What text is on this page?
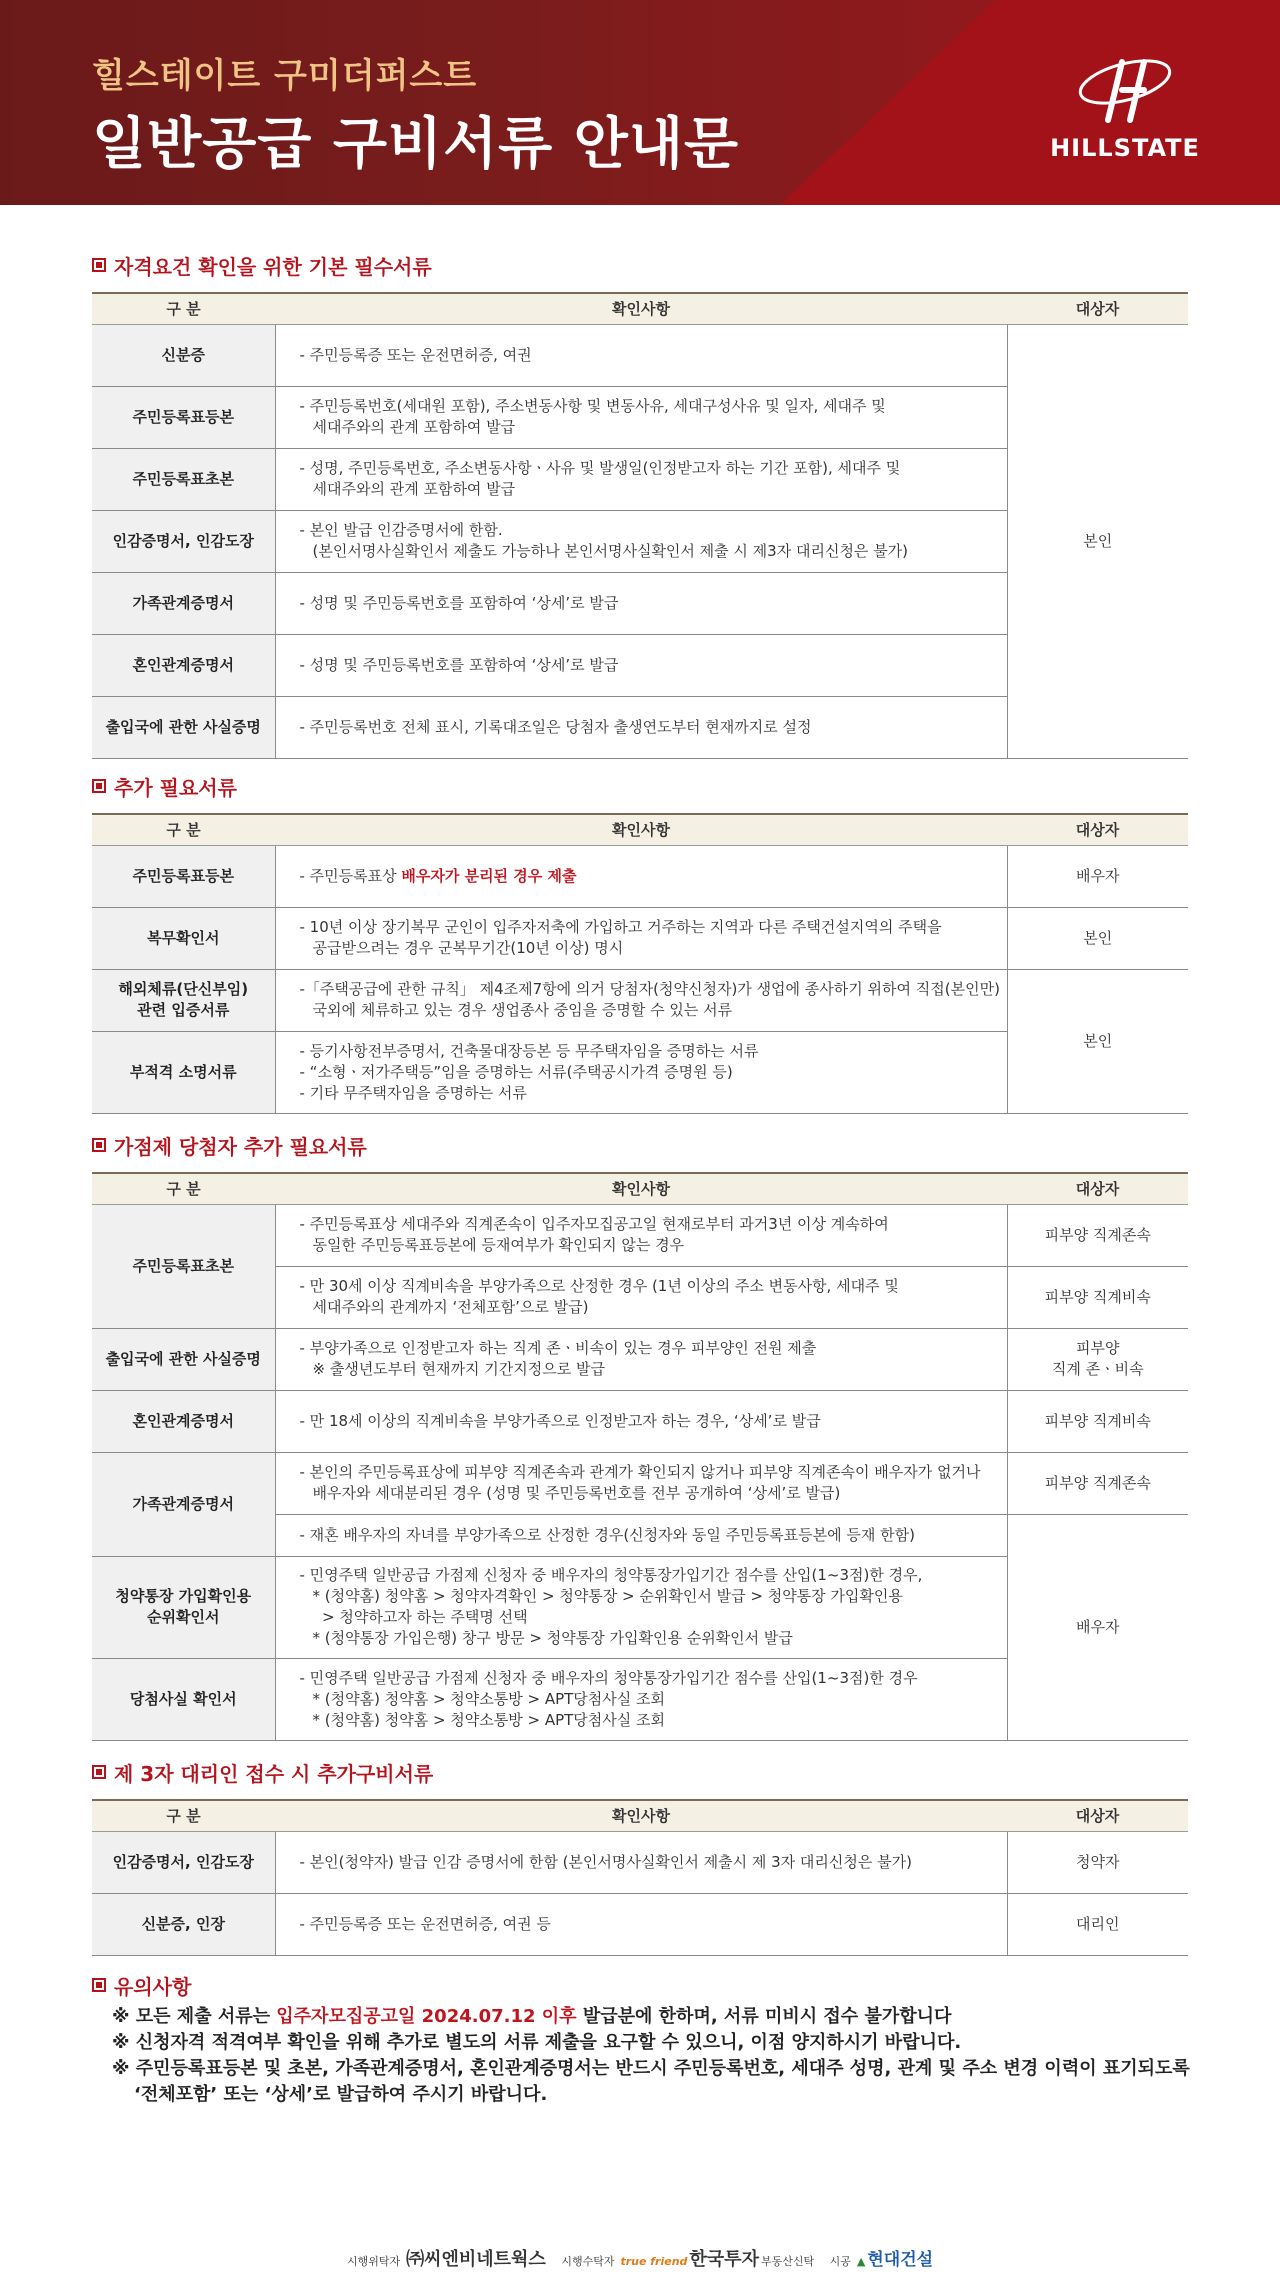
힐스테이트 구미더퍼스트
일반공급 구비서류 안내문	HILLSTATE
자격요건 확인을 위한 기본 필수서류
구 분	확인사항	대상자
신분증	- 주민등록증 또는 운전면허증, 여권	본인
주민등록표등본	- 주민등록번호(세대원 포함), 주소변동사항 및 변동사유, 세대구성사유 및 일자, 세대주 및
세대주와의 관계 포함하여 발급	

주민등록표초본	- 성명, 주민등록번호, 주소변동사항ㆍ사유 및 발생일(인정받고자 하는 기간 포함), 세대주 및
세대주와의 관계 포함하여 발급	

인감증명서, 인감도장	- 본인 발급 인감증명서에 한함.
(본인서명사실확인서 제출도 가능하나 본인서명사실확인서 제출 시 제3자 대리신청은 불가)	

가족관계증명서	- 성명 및 주민등록번호를 포함하여 ‘상세’로 발급	
혼인관계증명서	- 성명 및 주민등록번호를 포함하여 ‘상세’로 발급	
출입국에 관한 사실증명	- 주민등록번호 전체 표시, 기록대조일은 당첨자 출생연도부터 현재까지로 설정	
추가 필요서류
구 분	확인사항	대상자
주민등록표등본	- 주민등록표상 배우자가 분리된 경우 제출	배우자
복무확인서	- 10년 이상 장기복무 군인이 입주자저축에 가입하고 거주하는 지역과 다른 주택건설지역의 주택을
공급받으려는 경우 군복무기간(10년 이상) 명시	본인

해외체류(단신부임)
관련 입증서류	-「주택공급에 관한 규칙」 제4조제7항에 의거 당첨자(청약신청자)가 생업에 종사하기 위하여 직접(본인만)
국외에 체류하고 있는 경우 생업종사 중임을 증명할 수 있는 서류	본인
부적격 소명서류	- 등기사항전부증명서, 건축물대장등본 등 무주택자임을 증명하는 서류
- “소형ㆍ저가주택등”임을 증명하는 서류(주택공시가격 증명원 등)
- 기타 무주택자임을 증명하는 서류	
가점제 당첨자 추가 필요서류
구 분	확인사항	대상자
주민등록표초본	- 주민등록표상 세대주와 직계존속이 입주자모집공고일 현재로부터 과거3년 이상 계속하여
동일한 주민등록표등본에 등재여부가 확인되지 않는 경우	피부양 직계존속
	- 만 30세 이상 직계비속을 부양가족으로 산정한 경우 (1년 이상의 주소 변동사항, 세대주 및
세대주와의 관계까지 ‘전체포함’으로 발급)	피부양 직계비속
출입국에 관한 사실증명	- 부양가족으로 인정받고자 하는 직계 존ㆍ비속이 있는 경우 피부양인 전원 제출
※ 출생년도부터 현재까지 기간지정으로 발급	피부양
직계 존ㆍ비속

혼인관계증명서	- 만 18세 이상의 직계비속을 부양가족으로 인정받고자 하는 경우, ‘상세’로 발급	피부양 직계비속
가족관계증명서	- 본인의 주민등록표상에 피부양 직계존속과 관계가 확인되지 않거나 피부양 직계존속이 배우자가 없거나
배우자와 세대분리된 경우 (성명 및 주민등록번호를 전부 공개하여 ‘상세’로 발급)	피부양 직계존속
	- 재혼 배우자의 자녀를 부양가족으로 산정한 경우(신청자와 동일 주민등록표등본에 등재 한함)	배우자

청약통장 가입확인용
순위확인서	- 민영주택 일반공급 가점제 신청자 중 배우자의 청약통장가입기간 점수를 산입(1~3점)한 경우,
* (청약홈) 청약홈 > 청약자격확인 > 청약통장 > 순위확인서 발급 > 청약통장 가입확인용
> 청약하고자 하는 주택명 선택
* (청약통장 가입은행) 창구 방문 > 청약통장 가입확인용 순위확인서 발급	

당첨사실 확인서	- 민영주택 일반공급 가점제 신청자 중 배우자의 청약통장가입기간 점수를 산입(1~3점)한 경우
* (청약홈) 청약홈 > 청약소통방 > APT당첨사실 조회
* (청약홈) 청약홈 > 청약소통방 > APT당첨사실 조회	
제 3자 대리인 접수 시 추가구비서류
구 분	확인사항	대상자
인감증명서, 인감도장	- 본인(청약자) 발급 인감 증명서에 한함 (본인서명사실확인서 제출시 제 3자 대리신청은 불가)	청약자
신분증, 인장	- 주민등록증 또는 운전면허증, 여권 등	대리인
유의사항

※ 모든 제출 서류는 입주자모집공고일 2024.07.12 이후 발급분에 한하며, 서류 미비시 접수 불가합니다

※ 신청자격 적격여부 확인을 위해 추가로 별도의 서류 제출을 요구할 수 있으니, 이점 양지하시기 바랍니다.

※ 주민등록표등본 및 초본, 가족관계증명서, 혼인관계증명서는 반드시 주민등록번호, 세대주 성명, 관계 및 주소 변경 이력이 표기되도록

‘전체포함’ 또는 ‘상세’로 발급하여 주시기 바랍니다.

시행위탁자 ㈜씨엔비네트웍스 시행수탁자 true friend 한국투자 부동산신탁 시공 ▲ 현대건설
